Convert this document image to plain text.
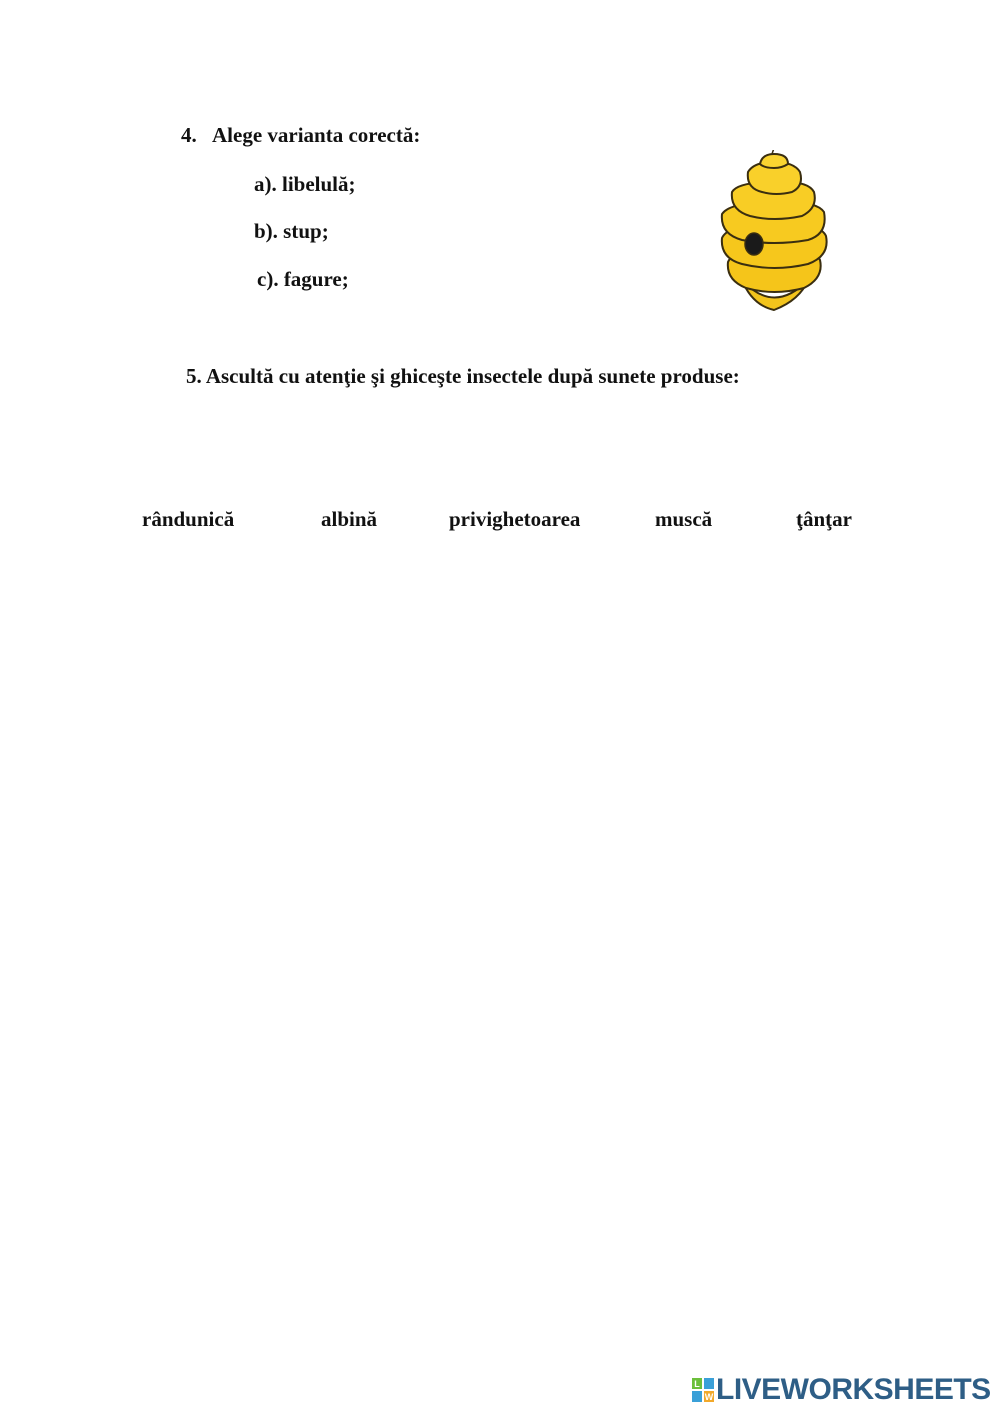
4. Alege varianta corectă:
a). libelulă;
b). stup;
c). fagure;
5. Ascultă cu atenţie şi ghiceşte insectele după sunete produse:
rândunică	albină	privighetoarea	muscă	ţânţar
L
W LIVEWORKSHEETS
